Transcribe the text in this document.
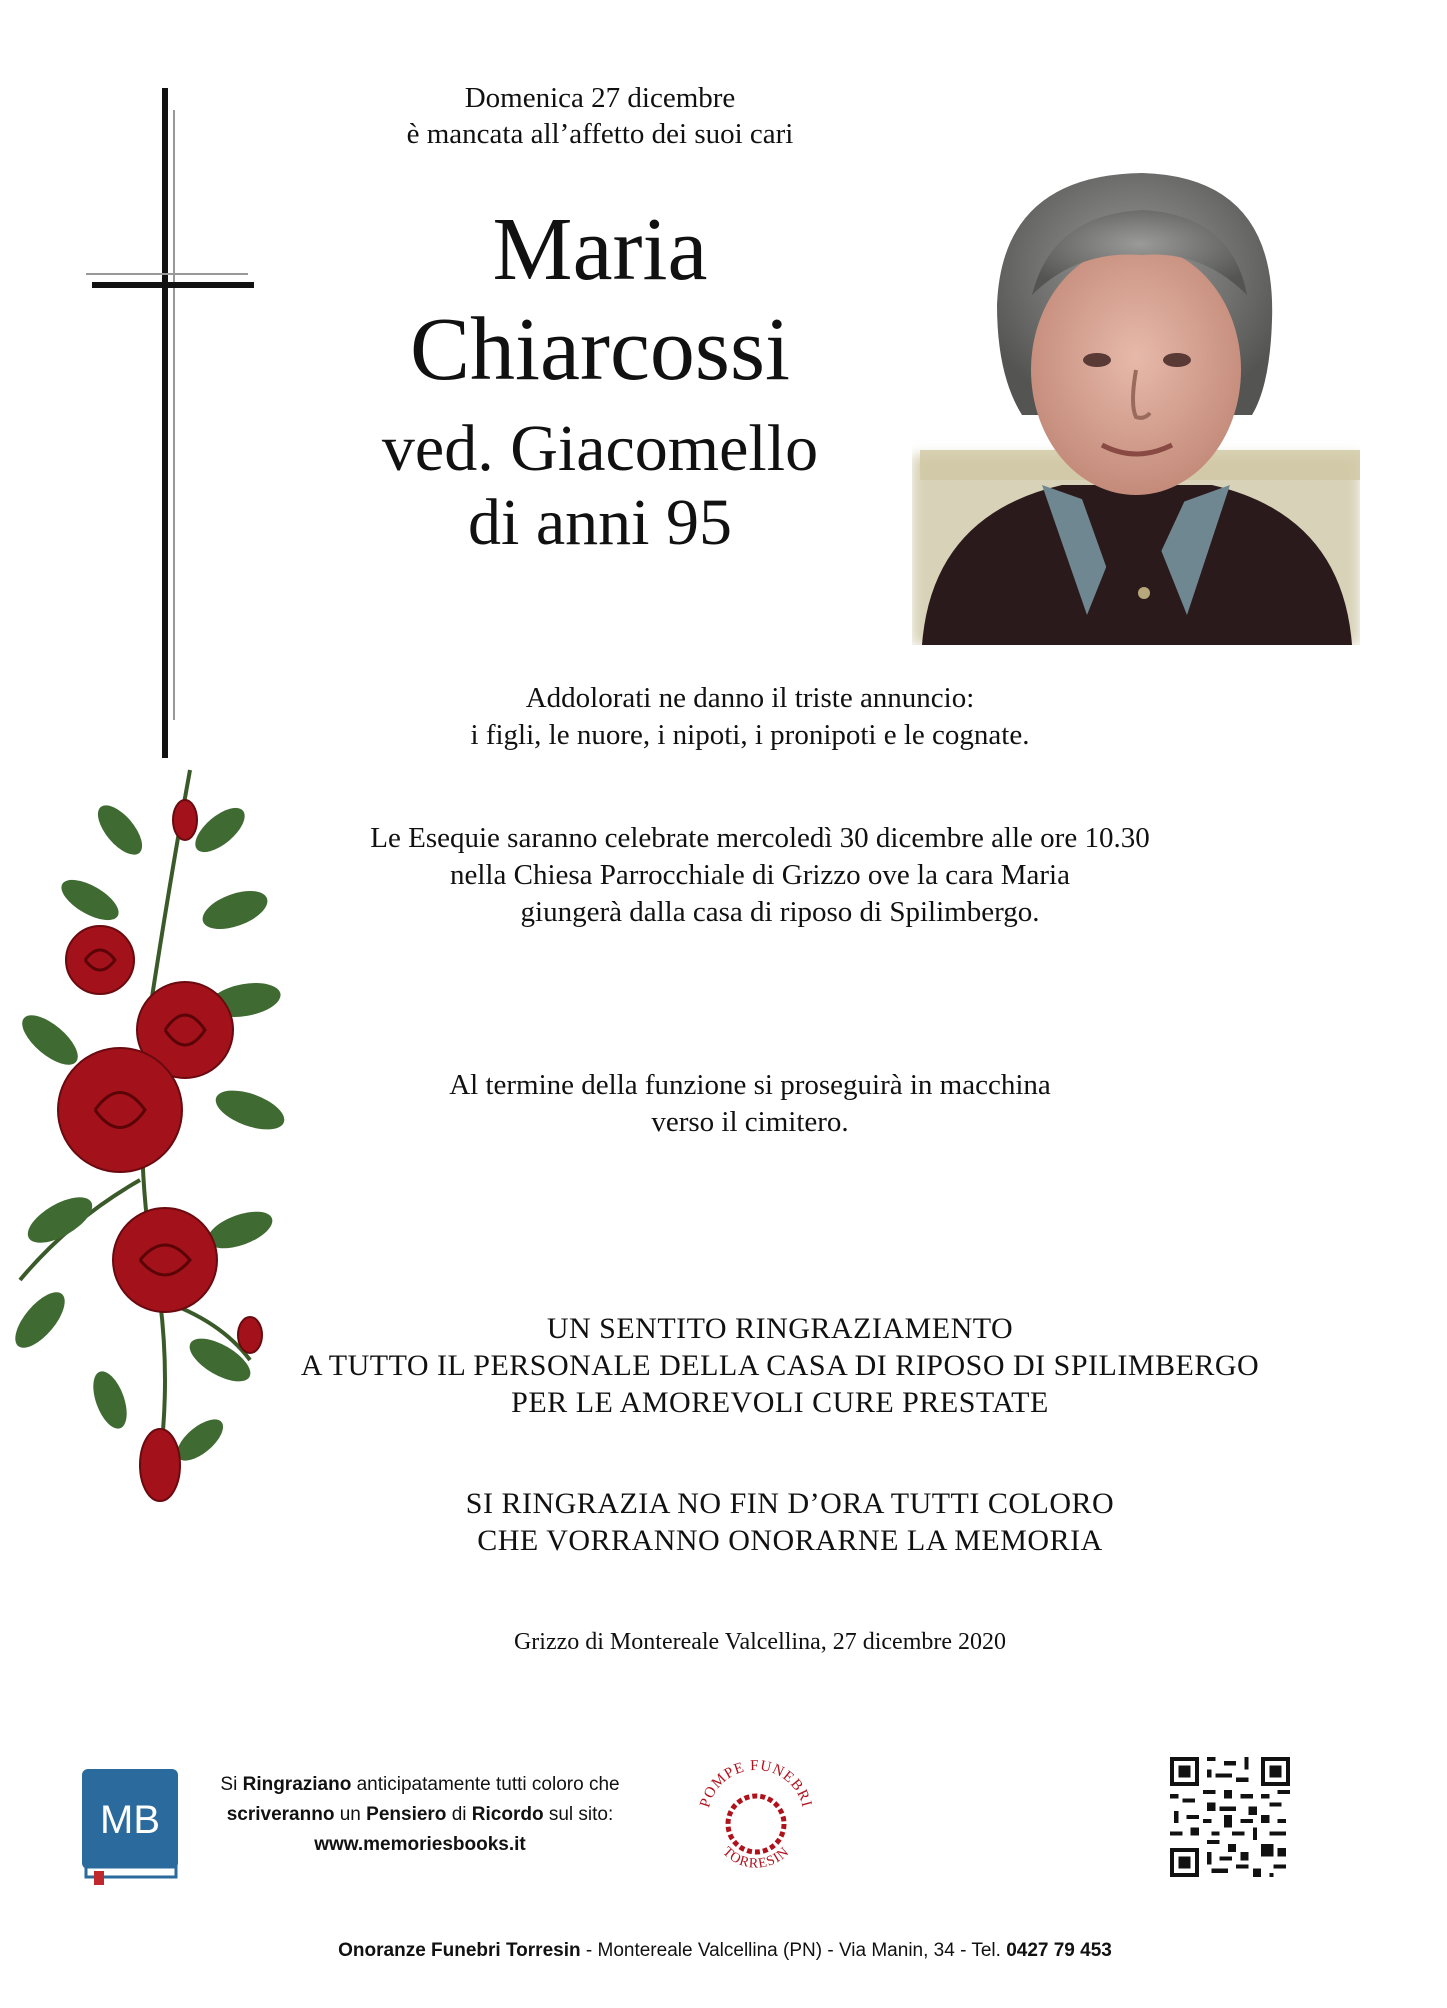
Domenica 27 dicembre
è mancata all’affetto dei suoi cari
Maria
Chiarcossi
ved. Giacomello
di anni 95
Addolorati ne danno il triste annuncio:
i figli, le nuore, i nipoti, i pronipoti e le cognate.
Le Esequie saranno celebrate mercoledì 30 dicembre alle ore 10.30
nella Chiesa Parrocchiale di Grizzo ove la cara Maria
giungerà dalla casa di riposo di Spilimbergo.
Al termine della funzione si proseguirà in macchina
verso il cimitero.
UN SENTITO RINGRAZIAMENTO
A TUTTO IL PERSONALE DELLA CASA DI RIPOSO DI SPILIMBERGO
PER LE AMOREVOLI CURE PRESTATE
SI RINGRAZIA NO FIN D’ORA TUTTI COLORO
CHE VORRANNO ONORARNE LA MEMORIA
Grizzo di Montereale Valcellina, 27 dicembre 2020
MB
Si Ringraziano anticipatamente tutti coloro che
scriveranno un Pensiero di Ricordo sul sito:
www.memoriesbooks.it
POMPE FUNEBRI
TORRESIN
Onoranze Funebri Torresin - Montereale Valcellina (PN) - Via Manin, 34 - Tel. 0427 79 453
